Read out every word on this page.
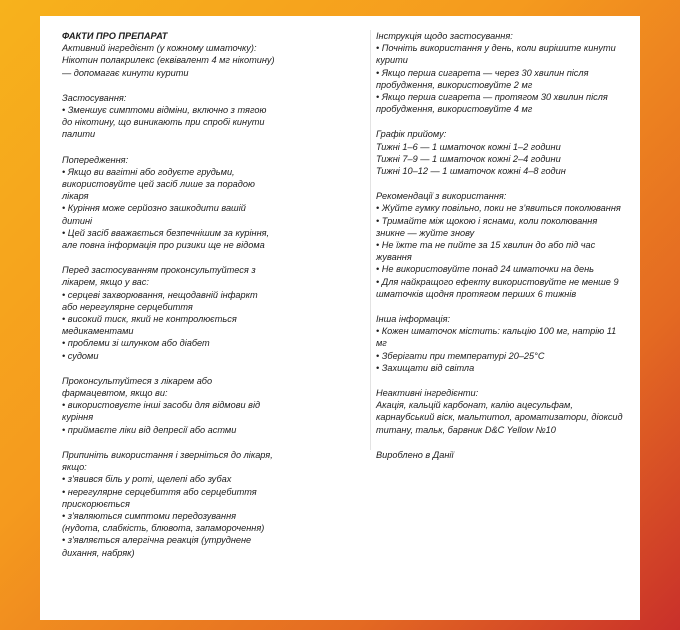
ФАКТИ ПРО ПРЕПАРАТ
Активний інгредієнт (у кожному шматочку):
Нікотин полакрилекс (еквівалент 4 мг нікотину)
— допомагає кинути курити
Застосування:
• Зменшує симптоми відміни, включно з тягою
до нікотину, що виникають при спробі кинути
палити
Попередження:
• Якщо ви вагітні або годуєте грудьми,
використовуйте цей засіб лише за порадою
лікаря
• Куріння може серйозно зашкодити вашій
дитині
• Цей засіб вважається безпечнішим за куріння,
але повна інформація про ризики ще не відома
Перед застосуванням проконсультуйтеся з
лікарем, якщо у вас:
• серцеві захворювання, нещодавній інфаркт
або нерегулярне серцебиття
• високий тиск, який не контролюється
медикаментами
• проблеми зі шлунком або діабет
• судоми
Проконсультуйтеся з лікарем або
фармацевтом, якщо ви:
• використовуєте інші засоби для відмови від
куріння
• приймаєте ліки від депресії або астми
Припиніть використання і зверніться до лікаря,
якщо:
• з'явився біль у роті, щелепі або зубах
• нерегулярне серцебиття або серцебиття
прискорюється
• з'являються симптоми передозування
(нудота, слабкість, блювота, запаморочення)
• з'являється алергічна реакція (утруднене
дихання, набряк)
Інструкція щодо застосування:
• Почніть використання у день, коли вирішите кинути
курити
• Якщо перша сигарета — через 30 хвилин після
пробудження, використовуйте 2 мг
• Якщо перша сигарета — протягом 30 хвилин після
пробудження, використовуйте 4 мг
Графік прийому:
Тижні 1–6 — 1 шматочок кожні 1–2 години
Тижні 7–9 — 1 шматочок кожні 2–4 години
Тижні 10–12 — 1 шматочок кожні 4–8 годин
Рекомендації з використання:
• Жуйте гумку повільно, поки не з'явиться поколювання
• Тримайте між щокою і яснами, коли поколювання
зникне — жуйте знову
• Не їжте та не пийте за 15 хвилин до або під час
жування
• Не використовуйте понад 24 шматочки на день
• Для найкращого ефекту використовуйте не менше 9
шматочків щодня протягом перших 6 тижнів
Інша інформація:
• Кожен шматочок містить: кальцію 100 мг, натрію 11
мг
• Зберігати при температурі 20–25°C
• Захищати від світла
Неактивні інгредієнти:
Акація, кальцій карбонат, калію ацесульфам,
карнаубський віск, мальтитол, ароматизатори, діоксид
титану, тальк, барвник D&C Yellow №10
Вироблено в Данії
